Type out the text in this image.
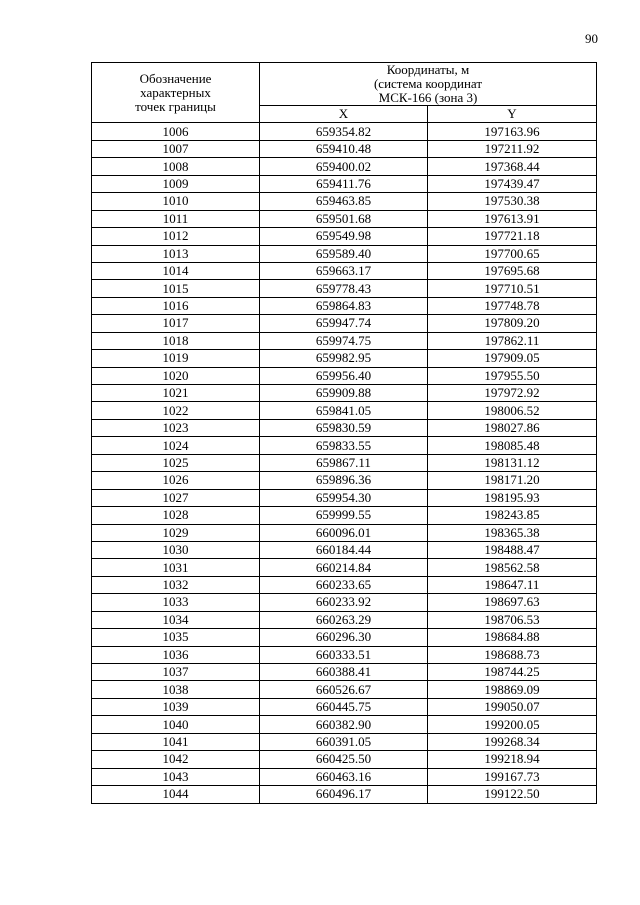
90
Обозначение
характерных
точек границы	Координаты, м
(система координат
МСК-166 (зона 3)	
	X	Y
1006	659354.82	197163.96
1007	659410.48	197211.92
1008	659400.02	197368.44
1009	659411.76	197439.47
1010	659463.85	197530.38
1011	659501.68	197613.91
1012	659549.98	197721.18
1013	659589.40	197700.65
1014	659663.17	197695.68
1015	659778.43	197710.51
1016	659864.83	197748.78
1017	659947.74	197809.20
1018	659974.75	197862.11
1019	659982.95	197909.05
1020	659956.40	197955.50
1021	659909.88	197972.92
1022	659841.05	198006.52
1023	659830.59	198027.86
1024	659833.55	198085.48
1025	659867.11	198131.12
1026	659896.36	198171.20
1027	659954.30	198195.93
1028	659999.55	198243.85
1029	660096.01	198365.38
1030	660184.44	198488.47
1031	660214.84	198562.58
1032	660233.65	198647.11
1033	660233.92	198697.63
1034	660263.29	198706.53
1035	660296.30	198684.88
1036	660333.51	198688.73
1037	660388.41	198744.25
1038	660526.67	198869.09
1039	660445.75	199050.07
1040	660382.90	199200.05
1041	660391.05	199268.34
1042	660425.50	199218.94
1043	660463.16	199167.73
1044	660496.17	199122.50
